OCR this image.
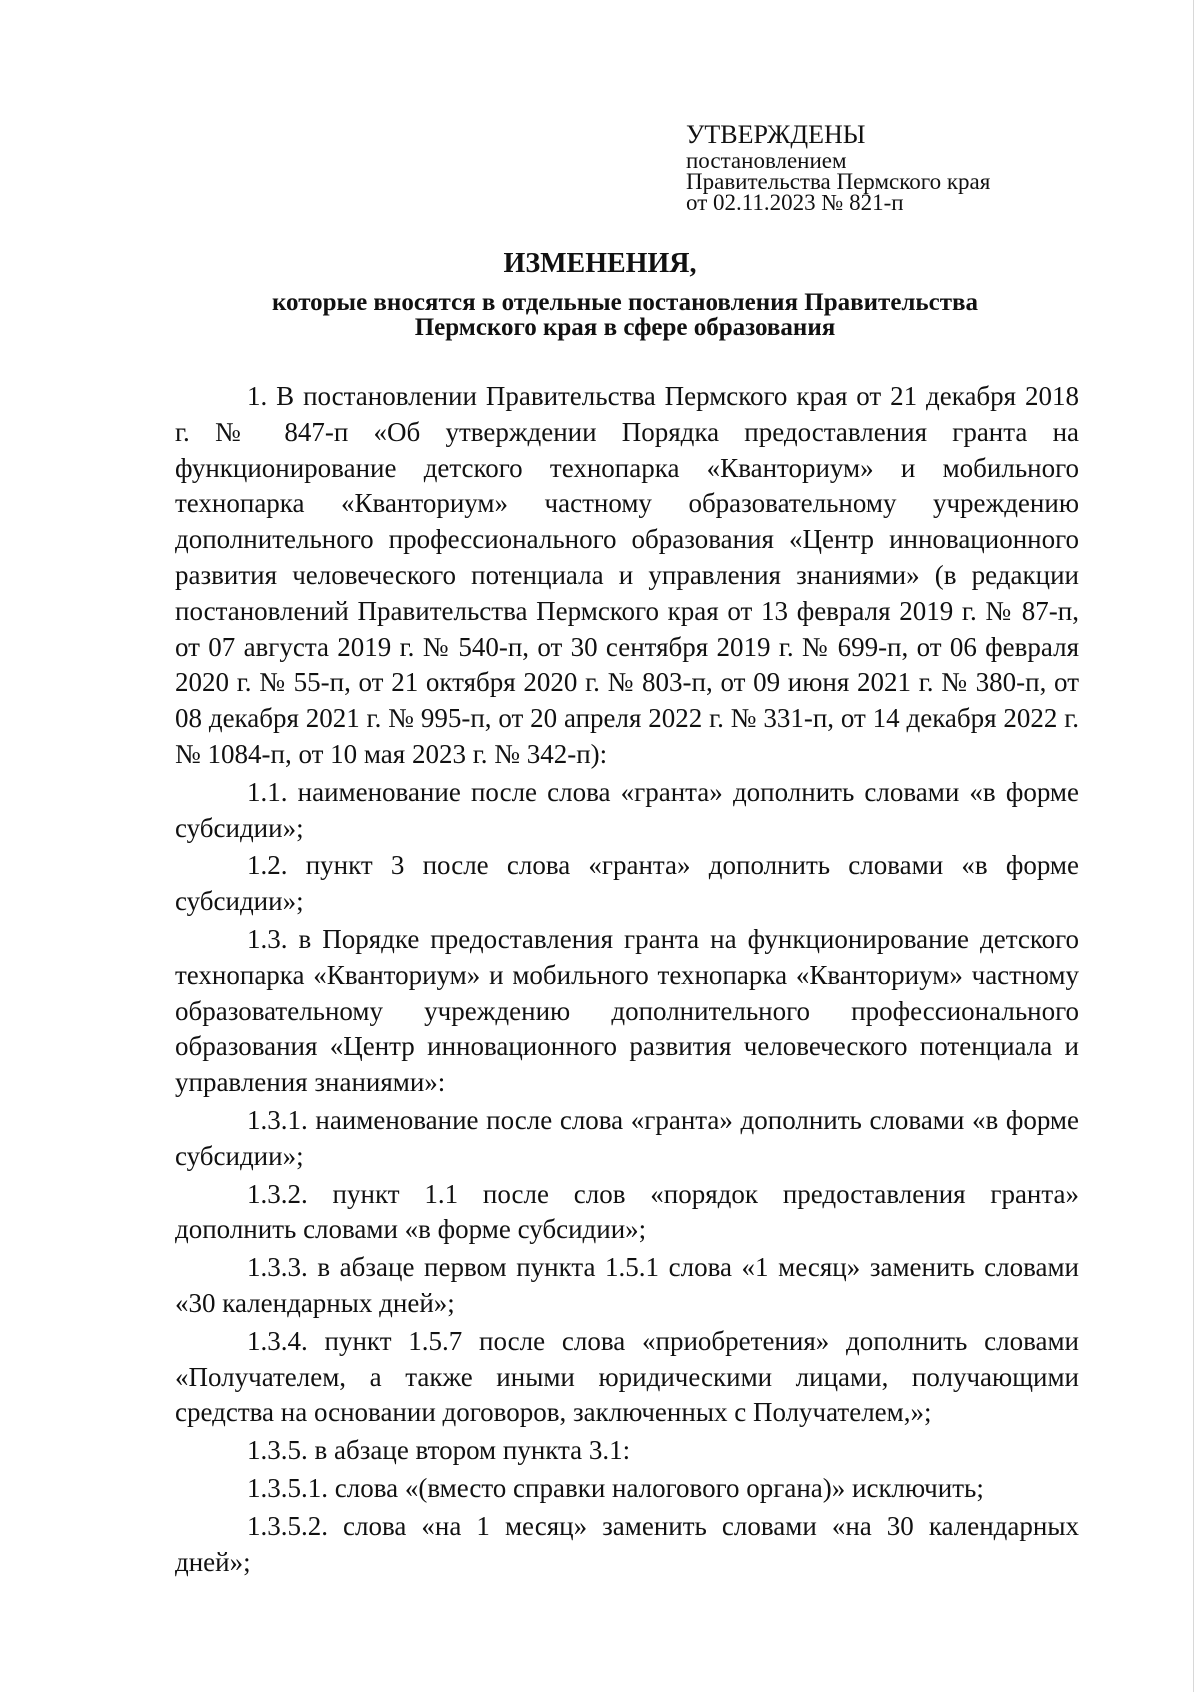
УТВЕРЖДЕНЫ
постановлением
Правительства Пермского края
от 02.11.2023 № 821-п
ИЗМЕНЕНИЯ,
которые вносятся в отдельные постановления Правительства
Пермского края в сфере образования

1. В постановлении Правительства Пермского края от 21 декабря 2018 г. № 847-п «Об утверждении Порядка предоставления гранта на функционирование детского технопарка «Кванториум» и мобильного технопарка «Кванториум» частному образовательному учреждению дополнительного профессионального образования «Центр инновационного развития человеческого потенциала и управления знаниями» (в редакции постановлений Правительства Пермского края от 13 февраля 2019 г. № 87-п, от 07 августа 2019 г. № 540-п, от 30 сентября 2019 г. № 699-п, от 06 февраля 2020 г. № 55-п, от 21 октября 2020 г. № 803-п, от 09 июня 2021 г. № 380-п, от 08 декабря 2021 г. № 995-п, от 20 апреля 2022 г. № 331-п, от 14 декабря 2022 г. № 1084-п, от 10 мая 2023 г. № 342-п):

1.1. наименование после слова «гранта» дополнить словами «в форме субсидии»;

1.2. пункт 3 после слова «гранта» дополнить словами «в форме субсидии»;

1.3. в Порядке предоставления гранта на функционирование детского технопарка «Кванториум» и мобильного технопарка «Кванториум» частному образовательному учреждению дополнительного профессионального образования «Центр инновационного развития человеческого потенциала и управления знаниями»:

1.3.1. наименование после слова «гранта» дополнить словами «в форме субсидии»;

1.3.2. пункт 1.1 после слов «порядок предоставления гранта» дополнить словами «в форме субсидии»;

1.3.3. в абзаце первом пункта 1.5.1 слова «1 месяц» заменить словами «30 календарных дней»;

1.3.4. пункт 1.5.7 после слова «приобретения» дополнить словами «Получателем, а также иными юридическими лицами, получающими средства на основании договоров, заключенных с Получателем,»;

1.3.5. в абзаце втором пункта 3.1:

1.3.5.1. слова «(вместо справки налогового органа)» исключить;

1.3.5.2. слова «на 1 месяц» заменить словами «на 30 календарных дней»;
